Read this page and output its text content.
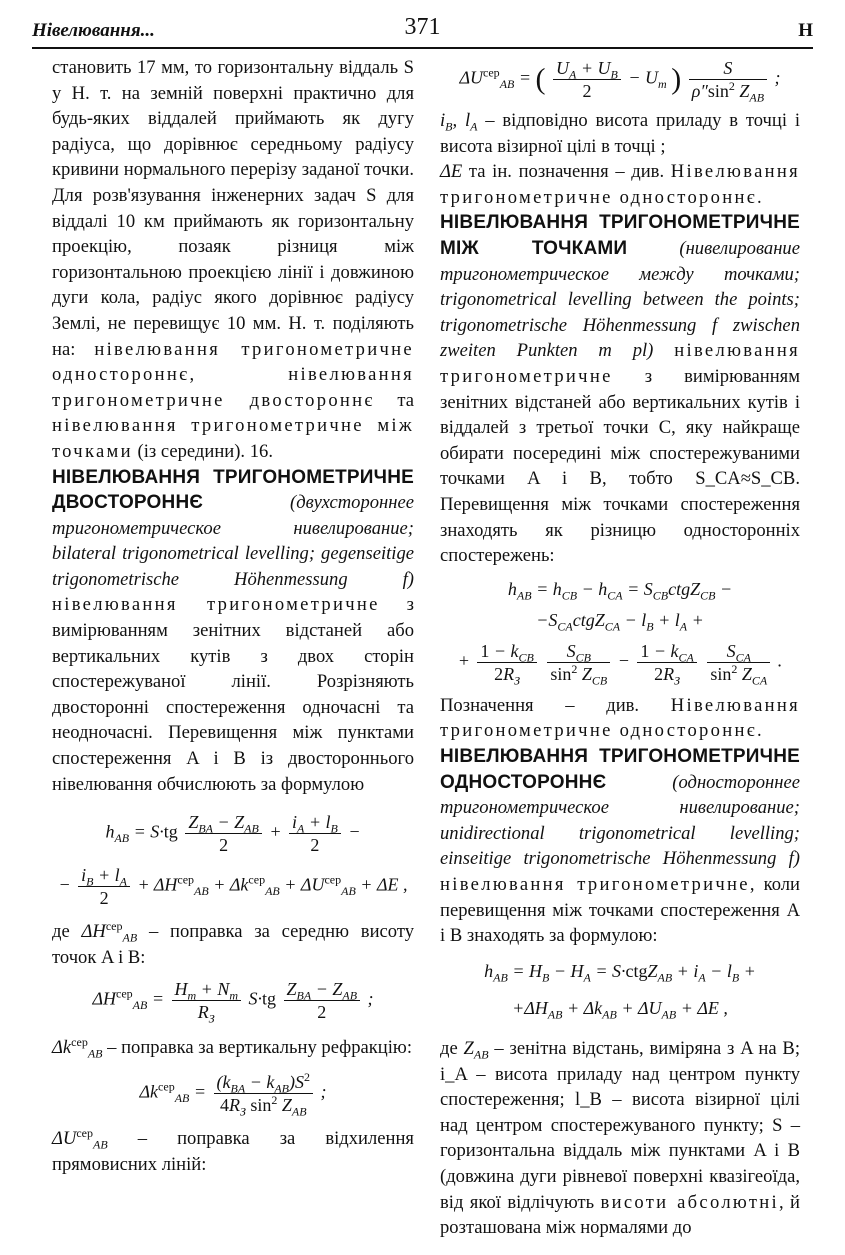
Нівелювання...	371	Н

становить 17 мм, то горизонтальну віддаль S у Н. т. на земній поверхні практично для будь-яких віддалей приймають як дугу радіуса, що дорівнює середньому радіусу кривини нормального перерізу заданої точки. Для розв'язування інженерних задач S для віддалі 10 км приймають як горизонтальну проекцію, позаяк різниця між горизонтальною проекцією лінії і довжиною дуги кола, радіус якого дорівнює радіусу Землі, не перевищує 10 мм. Н. т. поділяють на: нівелювання тригонометричне одностороннє,	нівелювання тригонометричне двостороннє та нівелювання тригонометричне між точками (із середини). 16.

НІВЕЛЮВАННЯ ТРИГОНОМЕТРИЧНЕ ДВОСТОРОННЄ	(двухстороннее тригонометрическое нивелирование; bilateral trigonometrical levelling; gegenseitige trigonometrische Höhenmessung f) нівелювання тригонометричне з вимірюванням зенітних відстаней або вертикальних кутів з двох сторін спостережуваної лінії. Розрізняють двосторонні спостереження одночасні та неодночасні. Перевищення між пунктами спостереження A і B із двостороннього нівелювання обчислюють за формулою

$h_{AB} = S\cdot tg$ $Z_{BA} - Z_{AB}$
2
+ $\frac{i_A + l_B}{2}$ −
− $\frac{i_B + l_A}{2} + \Delta H^{cep}_{AB} + \Delta k^{cep}_{AB} + \Delta U^{cep}_{AB} + \Delta E$ ,

де $\Delta H^{cep}_{AB}$ – поправка за середню висоту точок A і B:

$\Delta H^{cep}_{AB} = H_m + N_m$
$R_З$
S·tg $Z_{BA} - Z_{AB}$
2
;

$\Delta k^{cep}_{AB}$ – поправка за вертикальну рефракцію:

$\Delta k^{cep}_{AB} = (k_{BA} - k_{AB})S^2$
$4R_З$ $\sin^2 Z_{AB}$
;

$\Delta U^{cep}_{AB}$ – поправка за відхилення прямовисних ліній:

$\Delta U^{cep}_{AB}$ = ( $\frac{U_A + U_B}{2} - U_m$ )	S
$\rho''\sin^2$ $Z_{AB}$
;

$i_B$, $l_A$ – відповідно висота приладу в точці i висота візирної цілі в точці ;

ΔE та ін. позначення – див. Нівелювання тригонометричне одностороннє.

НІВЕЛЮВАННЯ ТРИГОНОМЕТРИЧНЕ МІЖ ТОЧКАМИ	(нивелирование тригонометрическое между точками; trigonometrical levelling between the points; trigonometrische Höhenmessung f zwischen zweiten Punkten m pl) нівелювання тригонометричне з вимірюванням зенітних відстаней або вертикальних кутів і віддалей з третьої точки C, яку найкраще обирати посередині між спостережуваними точками A і B, тобто S_CA≈S_CB. Перевищення між точками спостереження знаходять як різницю односторонніх спостережень:

$h_{AB} = h_{CB} - h_{CA}$ = $S_{CB}ctgZ_{CB}$ −
$-S_{CA}ctgZ_{CA} - l_B + l_A$ +
+ $1 - k_{CB}$
$2R_З$

$S_{CB}$
$\sin^2 Z_{CB}$
− $1 - k_{CA}$
$2R_З$

$S_{CA}$
$\sin^2 Z_{CA}$
.

Позначення – див. Нівелювання тригонометричне одностороннє.

НІВЕЛЮВАННЯ ТРИГОНОМЕТРИЧНЕ ОДНОСТОРОННЄ	(одностороннее тригонометрическое нивелирование; unidirectional trigonometrical levelling; einseitige trigonometrische Höhenmessung f) нівелювання тригонометричне, коли перевищення між точками спостереження A і B знаходять за формулою:

$h_{AB} = H_B - H_A$ = S·ctgZ$_{AB}$ + $i_A - l_B$ +
$+\Delta H_{AB} + \Delta k_{AB} + \Delta U_{AB} + \Delta E$ ,

де $Z_{AB}$ – зенітна відстань, виміряна з A на B; i_A – висота приладу над центром пункту спостереження; l_B – висота візирної цілі над центром спостережуваного пункту; S – горизонтальна віддаль між пунктами A і B (довжина дуги рівневої поверхні квазігеоїда, від якої відлічують висоти абсолютні, й розташована між нормалями до
